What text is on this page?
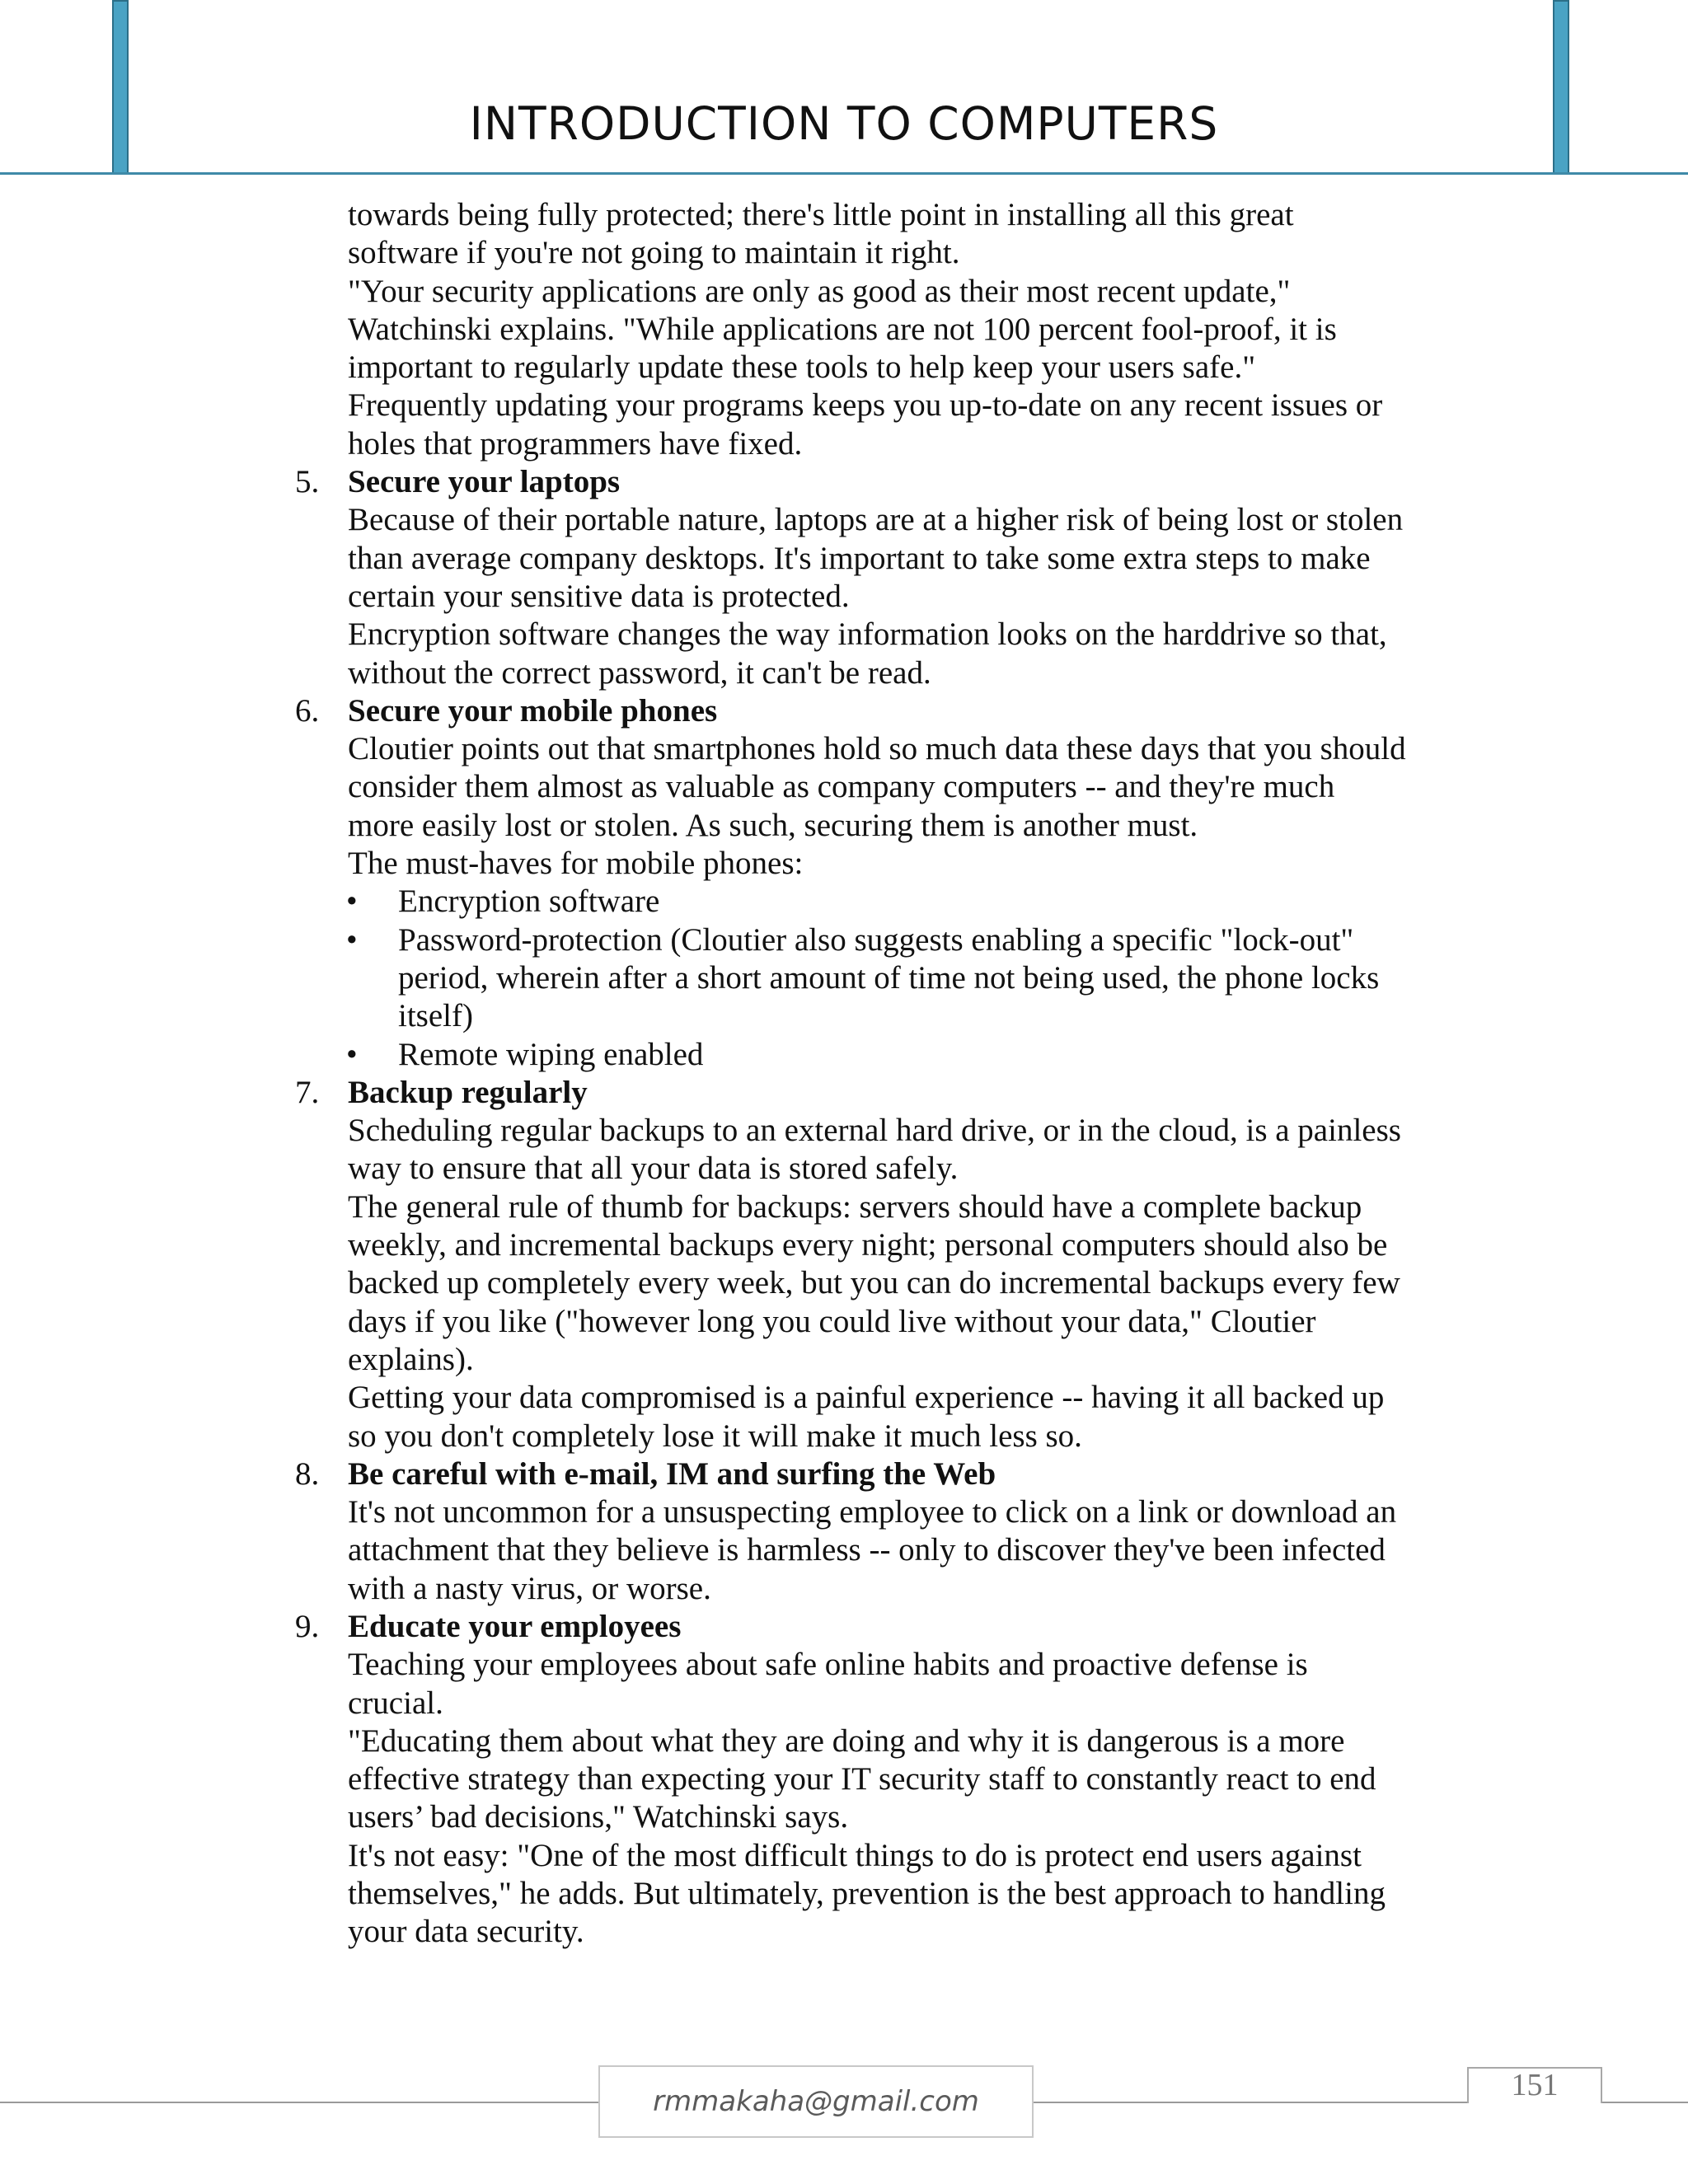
INTRODUCTION TO COMPUTERS
towards being fully protected; there's little point in installing all this great
software if you're not going to maintain it right.
"Your security applications are only as good as their most recent update,"
Watchinski explains. "While applications are not 100 percent fool-proof, it is
important to regularly update these tools to help keep your users safe."
Frequently updating your programs keeps you up-to-date on any recent issues or
holes that programmers have fixed.
5. Secure your laptops
Because of their portable nature, laptops are at a higher risk of being lost or stolen
than average company desktops. It's important to take some extra steps to make
certain your sensitive data is protected.
Encryption software changes the way information looks on the harddrive so that,
without the correct password, it can't be read.
6. Secure your mobile phones
Cloutier points out that smartphones hold so much data these days that you should
consider them almost as valuable as company computers -- and they're much
more easily lost or stolen. As such, securing them is another must.
The must-haves for mobile phones:
• Encryption software
• Password-protection (Cloutier also suggests enabling a specific "lock-out"
period, wherein after a short amount of time not being used, the phone locks
itself)
• Remote wiping enabled
7. Backup regularly
Scheduling regular backups to an external hard drive, or in the cloud, is a painless
way to ensure that all your data is stored safely.
The general rule of thumb for backups: servers should have a complete backup
weekly, and incremental backups every night; personal computers should also be
backed up completely every week, but you can do incremental backups every few
days if you like ("however long you could live without your data," Cloutier
explains).
Getting your data compromised is a painful experience -- having it all backed up
so you don't completely lose it will make it much less so.
8. Be careful with e-mail, IM and surfing the Web
It's not uncommon for a unsuspecting employee to click on a link or download an
attachment that they believe is harmless -- only to discover they've been infected
with a nasty virus, or worse.
9. Educate your employees
Teaching your employees about safe online habits and proactive defense is
crucial.
"Educating them about what they are doing and why it is dangerous is a more
effective strategy than expecting your IT security staff to constantly react to end
users’ bad decisions," Watchinski says.
It's not easy: "One of the most difficult things to do is protect end users against
themselves," he adds. But ultimately, prevention is the best approach to handling
your data security.
rmmakaha@gmail.com	151
